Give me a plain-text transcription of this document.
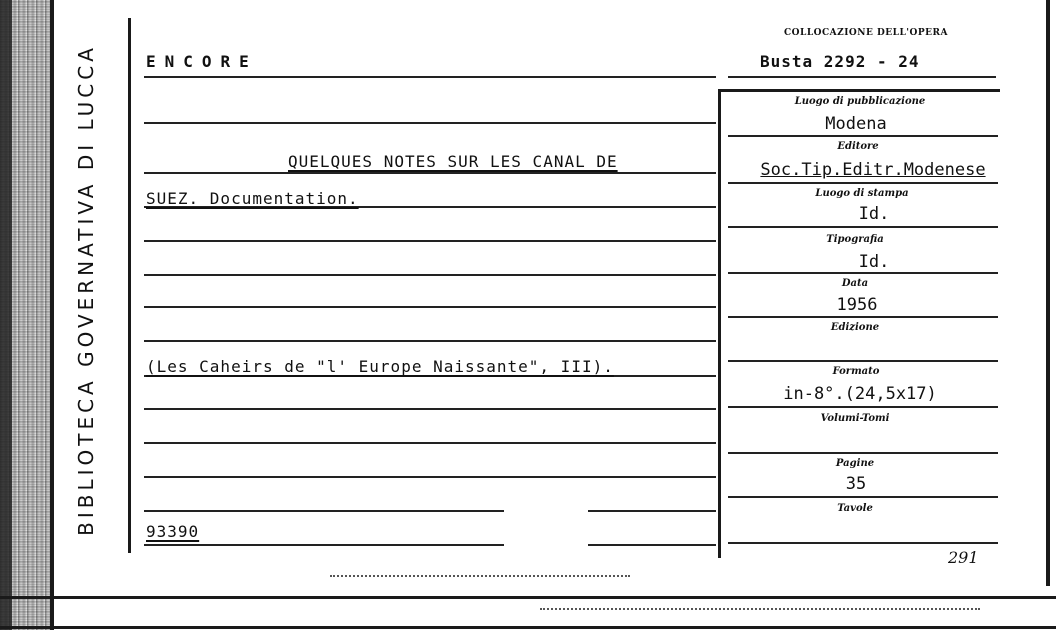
BIBLIOTECA GOVERNATIVA DI LUCCA	ENCORE
QUELQUES NOTES SUR LES CANAL DE
SUEZ. Documentation.
(Les Caheirs de "l' Europe Naissante", III).
93390
COLLOCAZIONE DELL'OPERA
Busta 2292 - 24
Luogo di pubblicazione
Modena
Editore
Soc.Tip.Editr.Modenese
Luogo di stampa
Id.
Tipografia
Id.
Data
1956
Edizione
Formato
in-8°.(24,5x17)
Volumi-Tomi
Pagine
35
Tavole
291
